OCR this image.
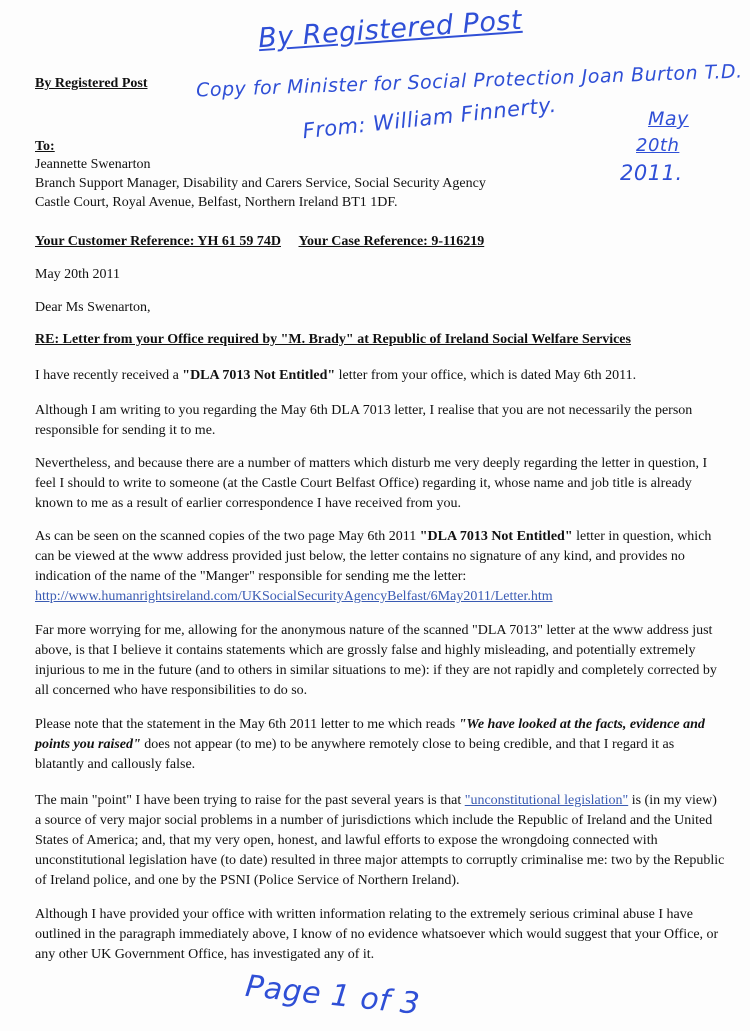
By Registered Post
Copy for Minister for Social Protection Joan Burton T.D.
From: William Finnerty.	May
20th
2011.
By Registered Post
To:
Jeannette Swenarton
Branch Support Manager, Disability and Carers Service, Social Security Agency
Castle Court, Royal Avenue, Belfast, Northern Ireland BT1 1DF.
Your Customer Reference: YH 61 59 74D Your Case Reference: 9-116219
May 20th 2011
Dear Ms Swenarton,
RE: Letter from your Office required by "M. Brady" at Republic of Ireland Social Welfare Services

I have recently received a "DLA 7013 Not Entitled" letter from your office, which is dated May 6th 2011.

Although I am writing to you regarding the May 6th DLA 7013 letter, I realise that you are not necessarily the person responsible for sending it to me.

Nevertheless, and because there are a number of matters which disturb me very deeply regarding the letter in question, I feel I should to write to someone (at the Castle Court Belfast Office) regarding it, whose name and job title is already known to me as a result of earlier correspondence I have received from you.

As can be seen on the scanned copies of the two page May 6th 2011 "DLA 7013 Not Entitled" letter in question, which can be viewed at the www address provided just below, the letter contains no signature of any kind, and provides no indication of the name of the "Manger" responsible for sending me the letter:
http://www.humanrightsireland.com/UKSocialSecurityAgencyBelfast/6May2011/Letter.htm

Far more worrying for me, allowing for the anonymous nature of the scanned "DLA 7013" letter at the www address just above, is that I believe it contains statements which are grossly false and highly misleading, and potentially extremely injurious to me in the future (and to others in similar situations to me): if they are not rapidly and completely corrected by all concerned who have responsibilities to do so.

Please note that the statement in the May 6th 2011 letter to me which reads "We have looked at the facts, evidence and points you raised" does not appear (to me) to be anywhere remotely close to being credible, and that I regard it as blatantly and callously false.

The main "point" I have been trying to raise for the past several years is that "unconstitutional legislation" is (in my view) a source of very major social problems in a number of jurisdictions which include the Republic of Ireland and the United States of America; and, that my very open, honest, and lawful efforts to expose the wrongdoing connected with unconstitutional legislation have (to date) resulted in three major attempts to corruptly criminalise me: two by the Republic of Ireland police, and one by the PSNI (Police Service of Northern Ireland).

Although I have provided your office with written information relating to the extremely serious criminal abuse I have outlined in the paragraph immediately above, I know of no evidence whatsoever which would suggest that your Office, or any other UK Government Office, has investigated any of it.

Page 1 of 3
